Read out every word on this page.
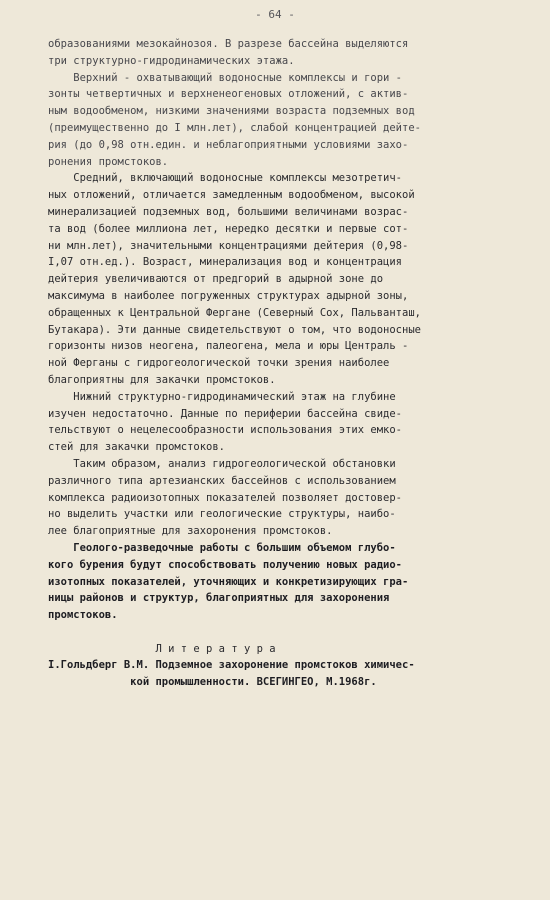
- 64 -
образованиями мезокайнозоя. В разрезе бассейна выделяются
три структурно-гидродинамических этажа.
Верхний - охватывающий водоносные комплексы и гори -
зонты четвертичных и верхненеогеновых отложений, с актив-
ным водообменом, низкими значениями возраста подземных вод
(преимущественно до I млн.лет), слабой концентрацией дейте-
рия (до 0,98 отн.един. и неблагоприятными условиями захо-
ронения промстоков.
Средний, включающий водоносные комплексы мезотретич-
ных отложений, отличается замедленным водообменом, высокой
минерализацией подземных вод, большими величинами возрас-
та вод (более миллиона лет, нередко десятки и первые сот-
ни млн.лет), значительными концентрациями дейтерия (0,98-
I,07 отн.ед.). Возраст, минерализация вод и концентрация
дейтерия увеличиваются от предгорий в адырной зоне до
максимума в наиболее погруженных структурах адырной зоны,
обращенных к Центральной Фергане (Северный Сох, Пальванташ,
Бутакара). Эти данные свидетельствуют о том, что водоносные
горизонты низов неогена, палеогена, мела и юры Централь -
ной Ферганы с гидрогеологической точки зрения наиболее
благоприятны для закачки промстоков.
Нижний структурно-гидродинамический этаж на глубине
изучен недостаточно. Данные по периферии бассейна свиде-
тельствуют о нецелесообразности использования этих емко-
стей для закачки промстоков.
Таким образом, анализ гидрогеологической обстановки
различного типа артезианских бассейнов с использованием
комплекса радиоизотопных показателей позволяет достовер-
но выделить участки или геологические структуры, наибо-
лее благоприятные для захоронения промстоков.
Геолого-разведочные работы с большим объемом глубо-
кого бурения будут способствовать получению новых радио-
изотопных показателей, уточняющих и конкретизирующих гра-
ницы районов и структур, благоприятных для захоронения
промстоков.
Л и т е р а т у р а
I.Гольдберг В.М. Подземное захоронение промстоков химичес-
кой промышленности. ВСЕГИНГЕО, М.1968г.
